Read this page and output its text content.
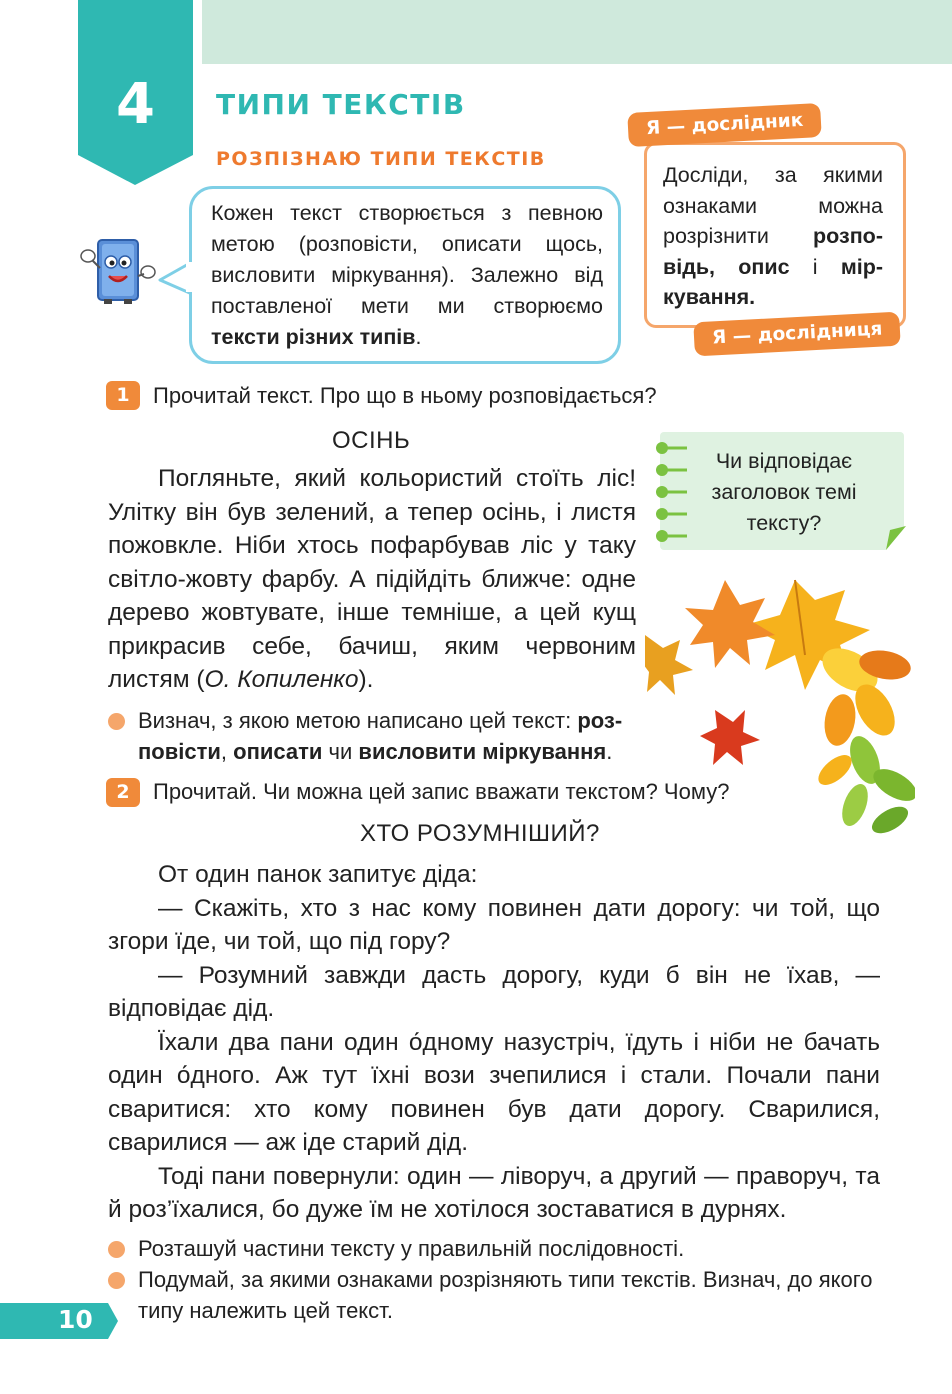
4	ТИПИ ТЕКСТІВ
РОЗПІЗНАЮ ТИПИ ТЕКСТІВ
Кожен текст створюється з певною метою (розповісти, описати щось, висловити міркування). Залежно від поставленої мети ми створюємо тексти різних типів.
Досліди, за якими ознаками можна розрізнити розповідь, опис і міркування.
Я — дослідник
Я — дослідниця
1	Прочитай текст. Про що в ньому розповідається?
ОСІНЬ

Погляньте, який кольористий стоїть ліс! Улітку він був зелений, а тепер осінь, і листя пожовкле. Ніби хтось пофарбував ліс у таку світло-жовту фарбу. А підійдіть ближче: одне дерево жовтувате, інше темніше, а цей кущ прикрасив себе, бачиш, яким червоним листям (О. Копиленко).

Чи відповідає заголовок темі тексту?
Визнач, з якою метою написано цей текст: розповісти, описати чи висловити міркування.
2	Прочитай. Чи можна цей запис вважати текстом? Чому?
ХТО РОЗУМНІШИЙ?

От один панок запитує діда:

— Скажіть, хто з нас кому повинен дати дорогу: чи той, що згори їде, чи той, що під гору?

— Розумний завжди дасть дорогу, куди б він не їхав, — відповідає дід.

Їхали два пани один о́дному назустріч, їдуть і ніби не бачать один о́дного. Аж тут їхні вози зчепилися і стали. Почали пани сваритися: хто кому повинен був дати дорогу. Сварилися, сварилися — аж іде старий дід.

Тоді пани повернули: один — ліворуч, а другий — праворуч, та й роз’їхалися, бо дуже їм не хотілося зоставатися в дурнях.

Розташуй частини тексту у правильній послідовності.
Подумай, за якими ознаками розрізняють типи текстів. Визнач, до якого типу належить цей текст.
10
